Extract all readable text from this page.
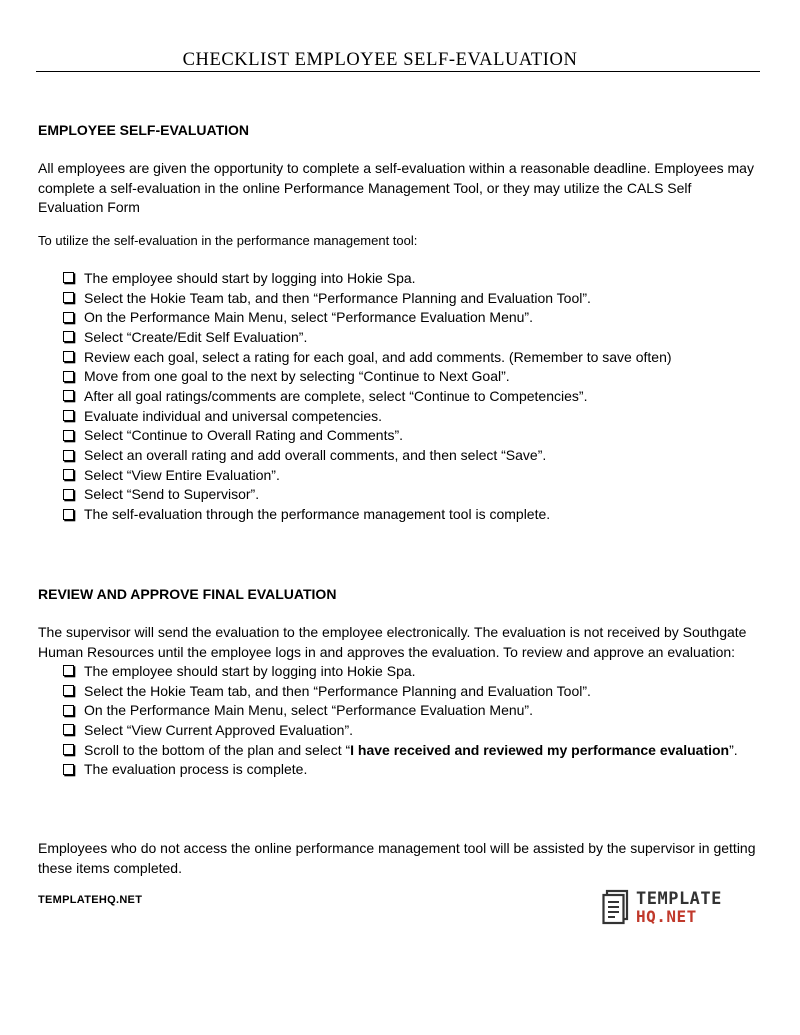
CHECKLIST EMPLOYEE SELF-EVALUATION
EMPLOYEE SELF-EVALUATION
All employees are given the opportunity to complete a self-evaluation within a reasonable deadline. Employees may
complete a self-evaluation in the online Performance Management Tool, or they may utilize the CALS Self
Evaluation Form
To utilize the self-evaluation in the performance management tool:
The employee should start by logging into Hokie Spa.
Select the Hokie Team tab, and then “Performance Planning and Evaluation Tool”.
On the Performance Main Menu, select “Performance Evaluation Menu”.
Select “Create/Edit Self Evaluation”.
Review each goal, select a rating for each goal, and add comments. (Remember to save often)
Move from one goal to the next by selecting “Continue to Next Goal”.
After all goal ratings/comments are complete, select “Continue to Competencies”.
Evaluate individual and universal competencies.
Select “Continue to Overall Rating and Comments”.
Select an overall rating and add overall comments, and then select “Save”.
Select “View Entire Evaluation”.
Select “Send to Supervisor”.
The self-evaluation through the performance management tool is complete.
REVIEW AND APPROVE FINAL EVALUATION
The supervisor will send the evaluation to the employee electronically. The evaluation is not received by Southgate
Human Resources until the employee logs in and approves the evaluation. To review and approve an evaluation:
The employee should start by logging into Hokie Spa.
Select the Hokie Team tab, and then “Performance Planning and Evaluation Tool”.
On the Performance Main Menu, select “Performance Evaluation Menu”.
Select “View Current Approved Evaluation”.
Scroll to the bottom of the plan and select “I have received and reviewed my performance evaluation”.
The evaluation process is complete.
Employees who do not access the online performance management tool will be assisted by the supervisor in getting
these items completed.
TEMPLATEHQ.NET	TEMPLATE
HQ.NET
